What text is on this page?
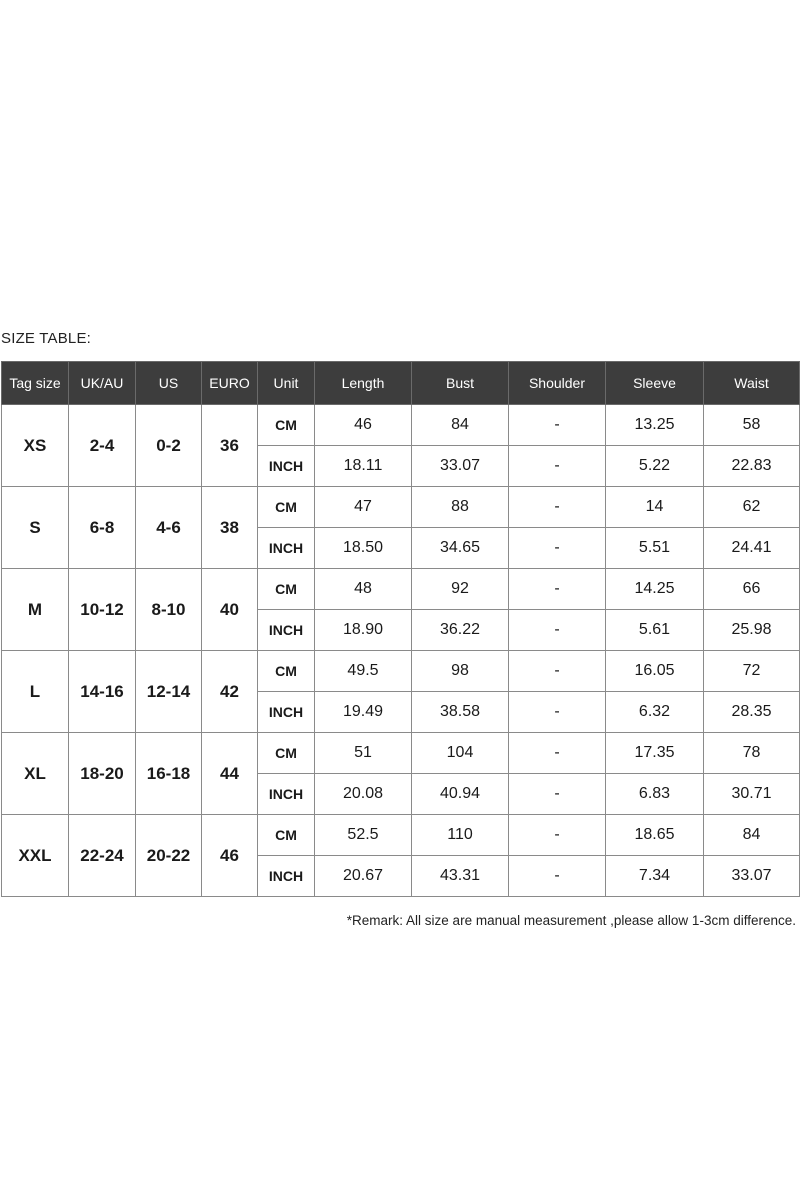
SIZE TABLE:
Tag size	UK/AU	US	EURO	Unit	Length	Bust	Shoulder	Sleeve	Waist
XS	2-4	0-2	36	CM	46	84	-	13.25	58
				INCH	18.11	33.07	-	5.22	22.83
S	6-8	4-6	38	CM	47	88	-	14	62
				INCH	18.50	34.65	-	5.51	24.41
M	10-12	8-10	40	CM	48	92	-	14.25	66
				INCH	18.90	36.22	-	5.61	25.98
L	14-16	12-14	42	CM	49.5	98	-	16.05	72
				INCH	19.49	38.58	-	6.32	28.35
XL	18-20	16-18	44	CM	51	104	-	17.35	78
				INCH	20.08	40.94	-	6.83	30.71
XXL	22-24	20-22	46	CM	52.5	110	-	18.65	84
				INCH	20.67	43.31	-	7.34	33.07
*Remark: All size are manual measurement ,please allow 1-3cm difference.
